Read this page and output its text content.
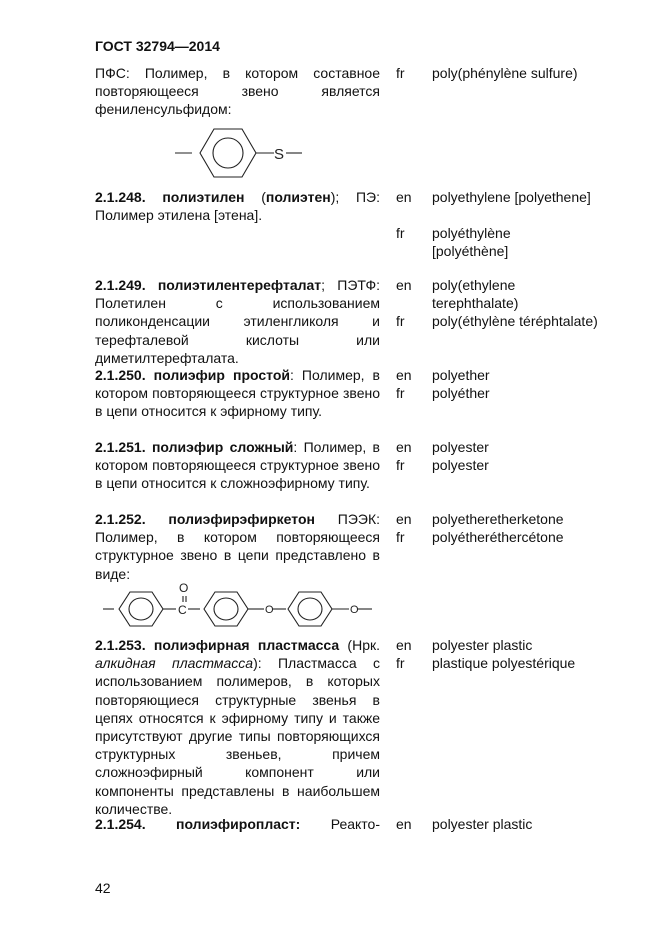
ГОСТ 32794—2014
ПФС: Полимер, в котором составное повторяющееся звено является фениленсульфидом:
fr	poly(phénylène sulfure)
S
2.1.248. полиэтилен (полиэтен); ПЭ: Полимер этилена [этена].
en	polyethylene [polyethene]
fr	polyéthylène [polyéthène]
2.1.249. полиэтилентерефталат; ПЭТФ: Полетилен с использованием поликонденсации этиленгликоля и терефталевой кислоты или диметилтерефталата.
en	poly(ethylene terephthalate)
fr	poly(éthylène téréphtalate)
2.1.250. полиэфир простой: Полимер, в котором повторяющееся структурное звено в цепи относится к эфирному типу.
en	polyether
fr	polyéther
2.1.251. полиэфир сложный: Полимер, в котором повторяющееся структурное звено в цепи относится к сложноэфирному типу.
en	polyester
fr	polyester
2.1.252. полиэфирэфиркетон ПЭЭК: Полимер, в котором повторяющееся структурное звено в цепи представлено в виде:
en	polyetheretherketone
fr	polyétheréthercétone
C
O
O	O
2.1.253. полиэфирная пластмасса (Нрк. алкидная пластмасса): Пластмасса с использованием полимеров, в которых повторяющиеся структурные звенья в цепях относятся к эфирному типу и также присутствуют другие типы повторяющихся структурных звеньев, причем сложноэфирный компонент или компоненты представлены в наибольшем количестве.
en	polyester plastic
fr	plastique polyestérique
2.1.254. полиэфиропласт: Реакто- en	polyester plastic
42
